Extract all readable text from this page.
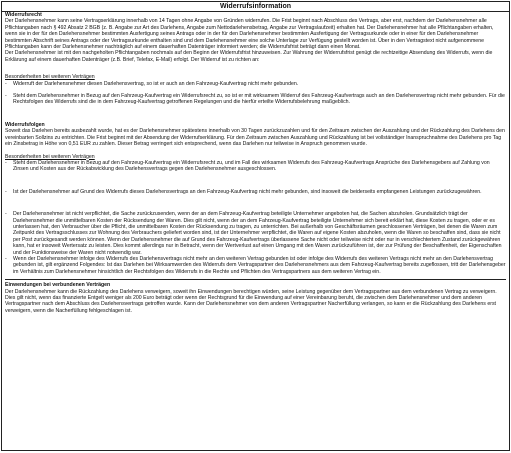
Widerrufsinformation

Widerrufsrecht

Der Darlehensnehmer kann seine Vertragserklärung innerhalb von 14 Tagen ohne Angabe von Gründen widerrufen. Die Frist beginnt nach Abschluss des Vertrags, aber erst, nachdem der Darlehensnehmer alle Pflichtangaben nach § 492 Absatz 2 BGB (z. B. Angabe zur Art des Darlehens, Angabe zum Nettodarlehensbetrag, Angabe zur Vertragslaufzeit) erhalten hat. Der Darlehensnehmer hat alle Pflichtangaben erhalten, wenn sie in der für den Darlehensnehmer bestimmten Ausfertigung seines Antrags oder in der für den Darlehensnehmer bestimmten Ausfertigung der Vertragsurkunde oder in einer für den Darlehensnehmer bestimmten Abschrift seines Antrags oder der Vertragsurkunde enthalten sind und dem Darlehensnehmer eine solche Unterlage zur Verfügung gestellt worden ist. Über in den Vertragstext nicht aufgenommene Pflichtangaben kann der Darlehensnehmer nachträglich auf einem dauerhaften Datenträger informiert werden; die Widerrufsfrist beträgt dann einen Monat.

Der Darlehensnehmer ist mit den nachgeholten Pflichtangaben nochmals auf den Beginn der Widerrufsfrist hinzuweisen. Zur Wahrung der Widerrufsfrist genügt die rechtzeitige Absendung des Widerrufs, wenn die Erklärung auf einem dauerhaften Datenträger (z.B. Brief, Telefax, E-Mail) erfolgt. Der Widerruf ist zu richten an:

Besonderheiten bei weiteren Verträgen

-	Widerruft der Darlehensnehmer diesen Darlehensvertrag, so ist er auch an den Fahrzeug-Kaufvertrag nicht mehr gebunden.
-	Steht dem Darlehensnehmer in Bezug auf den Fahrzeug-Kaufvertrag ein Widerrufsrecht zu, so ist er mit wirksamem Widerruf des Fahrzeug-Kaufvertrags auch an den Darlehensvertrag nicht mehr gebunden. Für die Rechtsfolgen des Widerrufs sind die in dem Fahrzeug-Kaufvertrag getroffenen Regelungen und die hierfür erteilte Widerrufsbelehrung maßgeblich.

Widerrufsfolgen

Soweit das Darlehen bereits ausbezahlt wurde, hat es der Darlehensnehmer spätestens innerhalb von 30 Tagen zurückzuzahlen und für den Zeitraum zwischen der Auszahlung und der Rückzahlung des Darlehens den vereinbarten Sollzins zu entrichten. Die Frist beginnt mit der Absendung der Widerrufserklärung. Für den Zeitraum zwischen Auszahlung und Rückzahlung ist bei vollständiger Inanspruchnahme des Darlehens pro Tag ein Zinsbetrag in Höhe von 0,51 EUR zu zahlen. Dieser Betrag verringert sich entsprechend, wenn das Darlehen nur teilweise in Anspruch genommen wurde.

Besonderheiten bei weiteren Verträgen

-	Steht dem Darlehensnehmer in Bezug auf den Fahrzeug-Kaufvertrag ein Widerrufsrecht zu, und im Fall des wirksamen Widerrufs des Fahrzeug-Kaufvertrags Ansprüche des Darlehensgebers auf Zahlung von Zinsen und Kosten aus der Rückabwicklung des Darlehensvertrags gegen den Darlehensnehmer ausgeschlossen.
-	Ist der Darlehensnehmer auf Grund des Widerrufs dieses Darlehensvertrags an den Fahrzeug-Kaufvertrag nicht mehr gebunden, sind insoweit die beiderseits empfangenen Leistungen zurückzugewähren.
-	Der Darlehensnehmer ist nicht verpflichtet, die Sache zurückzusenden, wenn der an dem Fahrzeug-Kaufvertrag beteiligte Unternehmer angeboten hat, die Sachen abzuholen. Grundsätzlich trägt der Darlehensnehmer die unmittelbaren Kosten der Rücksendung der Waren. Dies gilt nicht, wenn der an dem Fahrzeug-Kaufvertrag beteiligte Unternehmer sich bereit erklärt hat, diese Kosten zu tragen, oder er es unterlassen hat, den Verbraucher über die Pflicht, die unmittelbaren Kosten der Rücksendung zu tragen, zu unterrichten. Bei außerhalb von Geschäftsräumen geschlossenen Verträgen, bei denen die Waren zum Zeitpunkt des Vertragsschlusses zur Wohnung des Verbrauchers geliefert worden sind, ist der Unternehmer verpflichtet, die Waren auf eigene Kosten abzuholen, wenn die Waren so beschaffen sind, dass sie nicht per Post zurückgesandt werden können. Wenn der Darlehensnehmer die auf Grund des Fahrzeug-Kaufvertrags überlassene Sache nicht oder teilweise nicht oder nur in verschlechtertem Zustand zurückgewähren kann, hat er insoweit Wertersatz zu leisten. Dies kommt allerdings nur in Betracht, wenn der Wertverlust auf einen Umgang mit den Waren zurückzuführen ist, der zur Prüfung der Beschaffenheit, der Eigenschaften und der Funktionsweise der Waren nicht notwendig war.
-	Wenn der Darlehensnehmer infolge des Widerrufs des Darlehensvertrags nicht mehr an den weiteren Vertrag gebunden ist oder infolge des Widerrufs des weiteren Vertrags nicht mehr an den Darlehensvertrag gebunden ist, gilt ergänzend Folgendes: Ist das Darlehen bei Wirksamwerden des Widerrufs dem Vertragspartner des Darlehensnehmers aus dem Fahrzeug-Kaufvertrag bereits zugeflossen, tritt der Darlehensgeber im Verhältnis zum Darlehensnehmer hinsichtlich der Rechtsfolgen des Widerrufs in die Rechte und Pflichten des Vertragspartners aus dem weiteren Vertrag ein.

Einwendungen bei verbundenen Verträgen

Der Darlehensnehmer kann die Rückzahlung des Darlehens verweigern, soweit ihn Einwendungen berechtigen würden, seine Leistung gegenüber dem Vertragspartner aus dem verbundenen Vertrag zu verweigern. Dies gilt nicht, wenn das finanzierte Entgelt weniger als 200 Euro beträgt oder wenn der Rechtsgrund für die Einwendung auf einer Vereinbarung beruht, die zwischen dem Darlehensnehmer und dem anderen Vertragspartner nach dem Abschluss des Darlehensvertrags getroffen wurde. Kann der Darlehensnehmer von dem anderen Vertragspartner Nacherfüllung verlangen, so kann er die Rückzahlung des Darlehens erst verweigern, wenn die Nacherfüllung fehlgeschlagen ist.
